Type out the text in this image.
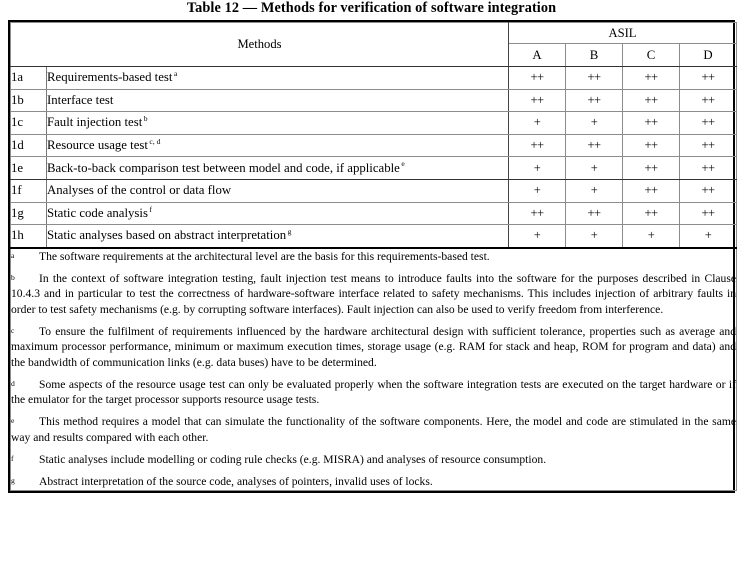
Table 12 — Methods for verification of software integration
Methods		ASIL			
		A	B	C	D
1a	Requirements-based test $^a$	++	++	++	++
1b	Interface test	++	++	++	++
1c	Fault injection test $^b$	+	+	++	++
1d	Resource usage test $^{c, d}$	++	++	++	++
1e	Back-to-back comparison test between model and code, if applicable $^e$	+	+	++	++
1f	Analyses of the control or data flow	+	+	++	++
1g	Static code analysis $^f$	++	++	++	++
1h	Static analyses based on abstract interpretation $^g$	+	+	+	+

a	The software requirements at the architectural level are the basis for this requirements-based test.
b	In the context of software integration testing, fault injection test means to introduce faults into the software for the purposes described in Clause 10.4.3 and in particular to test the correctness of hardware-software interface related to safety mechanisms. This includes injection of arbitrary faults in order to test safety mechanisms (e.g. by corrupting software interfaces). Fault injection can also be used to verify freedom from interference.
c	To ensure the fulfilment of requirements influenced by the hardware architectural design with sufficient tolerance, properties such as average and maximum processor performance, minimum or maximum execution times, storage usage (e.g. RAM for stack and heap, ROM for program and data) and the bandwidth of communication links (e.g. data buses) have to be determined.
d	Some aspects of the resource usage test can only be evaluated properly when the software integration tests are executed on the target hardware or if the emulator for the target processor supports resource usage tests.
e	This method requires a model that can simulate the functionality of the software components. Here, the model and code are stimulated in the same way and results compared with each other.
f	Static analyses include modelling or coding rule checks (e.g. MISRA) and analyses of resource consumption.
g	Abstract interpretation of the source code, analyses of pointers, invalid uses of locks.
